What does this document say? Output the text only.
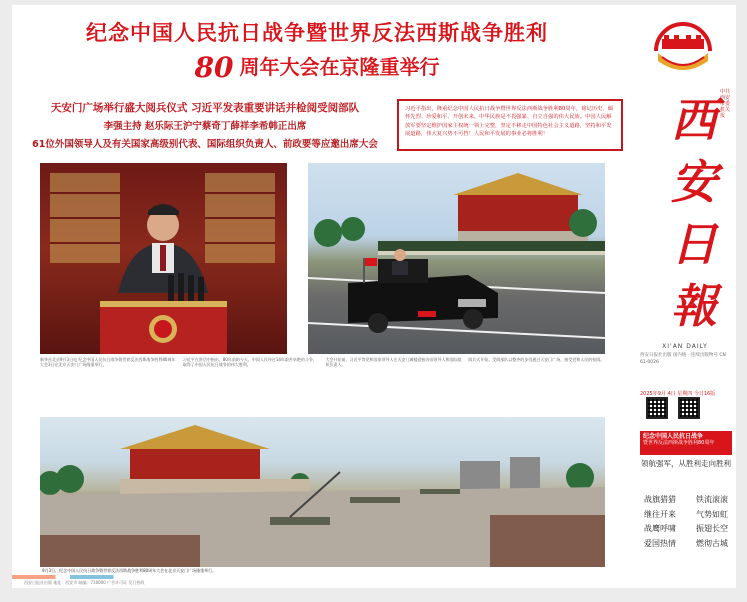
纪念中国人民抗日战争暨世界反法西斯战争胜利
80 周年大会在京隆重举行
天安门广场举行盛大阅兵仪式 习近平发表重要讲话并检阅受阅部队
李强主持 赵乐际王沪宁蔡奇丁薛祥李希韩正出席
61位外国领导人及有关国家高级别代表、国际组织负责人、前政要等应邀出席大会
习近平指出，隆重纪念中国人民抗日战争暨世界反法西斯战争胜利80周年，铭记历史、缅怀先烈、珍爱和平、开创未来。中华民族是不畏强暴、自立自强的伟大民族。中国人民解放军要坚定维护国家主权统一领土完整，坚定不移走中国特色社会主义道路，坚持和平发展道路，伟大复兴势不可挡！人民和平发展的事业必将胜利！
新华社北京9月3日电 纪念中国人民抗日战争暨世界反法西斯战争胜利80周年大会3日在北京天安门广场隆重举行。
习近平在讲话中指出，80年前的今天，中国人民经过14年艰苦卓绝的斗争，取得了中国人民抗日战争的伟大胜利。
大会开始前，习近平等党和国家领导人在天安门城楼迎接各国领导人和国际组织负责人。
阅兵式开始。受阅部队以整齐的步伐通过天安门广场，接受党和人民的检阅。
9月3日，纪念中国人民抗日战争暨世界反法西斯战争胜利80周年大会在北京天安门广场隆重举行。
西
安
日
報
中共西安市委机关报
XI'AN DAILY
西安日报社出版 国内统一连续出版物号 CN 61-0026
2025年9月 4日 星期四 今日16版
纪念中国人民抗日战争
暨世界反法西斯战争胜利80周年
领航强军，从胜利走向胜利
战旗猎猎	铁流滚滚
继往开来	气势如虹
战鹰呼啸	振翅长空
爱国热情	燃彻古城
西安日报社出版 地址：西安市 邮编：710000 广告许可证 发行热线
